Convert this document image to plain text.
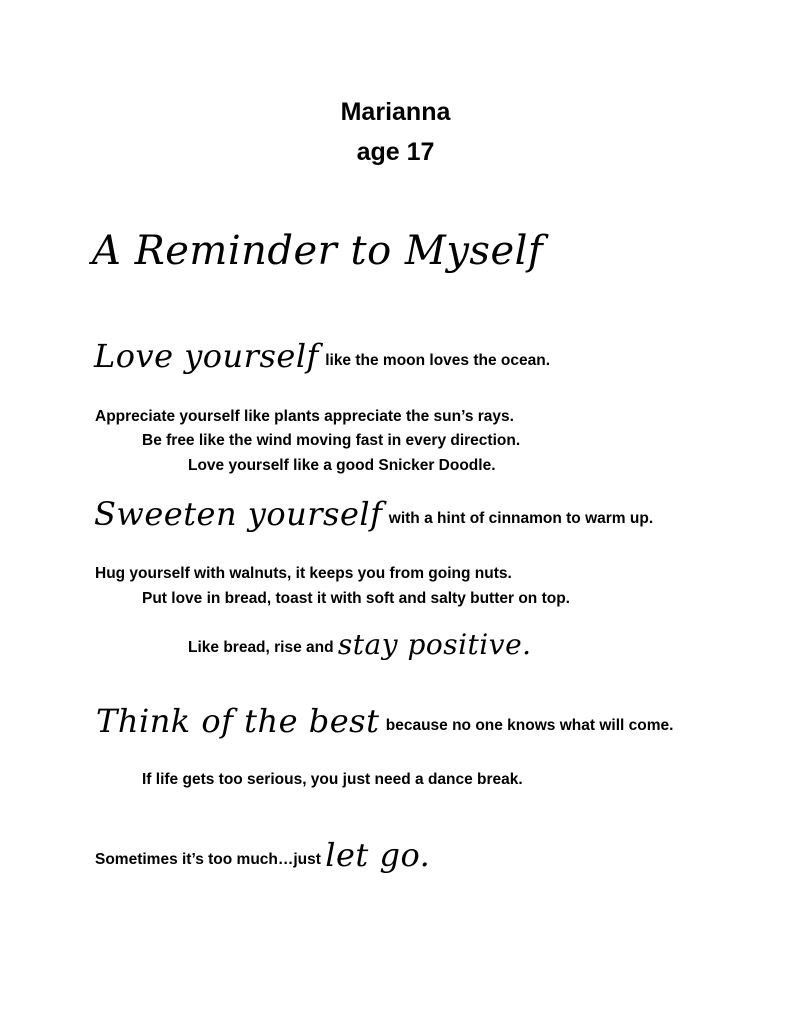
Marianna
age 17
A Reminder to Myself
Love yourself like the moon loves the ocean.
Appreciate yourself like plants appreciate the sun’s rays.
Be free like the wind moving fast in every direction.
Love yourself like a good Snicker Doodle.
Sweeten yourself with a hint of cinnamon to warm up.
Hug yourself with walnuts, it keeps you from going nuts.
Put love in bread, toast it with soft and salty butter on top.
Like bread, rise and stay positive.
Think of the best because no one knows what will come.
If life gets too serious, you just need a dance break.
Sometimes it’s too much…just let go.
